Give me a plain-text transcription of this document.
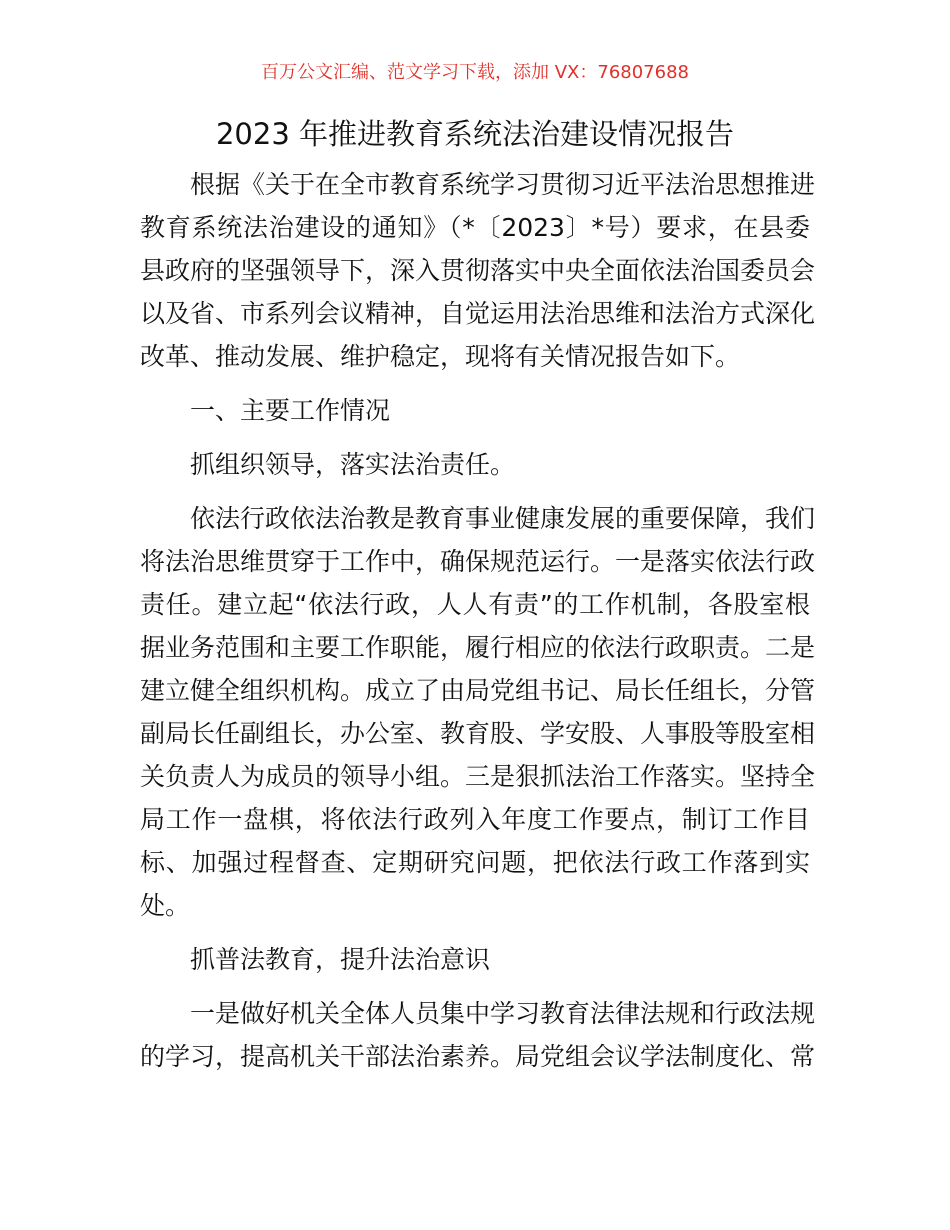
百万公文汇编、范文学习下载，添加 VX：76807688
2023 年推进教育系统法治建设情况报告
根据《关于在全市教育系统学习贯彻习近平法治思想推进
教育系统法治建设的通知》（*〔2023〕*号）要求，在县委
县政府的坚强领导下，深入贯彻落实中央全面依法治国委员会
以及省、市系列会议精神，自觉运用法治思维和法治方式深化
改革、推动发展、维护稳定，现将有关情况报告如下。
一、主要工作情况
抓组织领导，落实法治责任。
依法行政依法治教是教育事业健康发展的重要保障，我们
将法治思维贯穿于工作中，确保规范运行。一是落实依法行政
责任。建立起“依法行政，人人有责”的工作机制，各股室根
据业务范围和主要工作职能，履行相应的依法行政职责。二是
建立健全组织机构。成立了由局党组书记、局长任组长，分管
副局长任副组长，办公室、教育股、学安股、人事股等股室相
关负责人为成员的领导小组。三是狠抓法治工作落实。坚持全
局工作一盘棋，将依法行政列入年度工作要点，制订工作目
标、加强过程督查、定期研究问题，把依法行政工作落到实
处。
抓普法教育，提升法治意识
一是做好机关全体人员集中学习教育法律法规和行政法规
的学习，提高机关干部法治素养。局党组会议学法制度化、常
